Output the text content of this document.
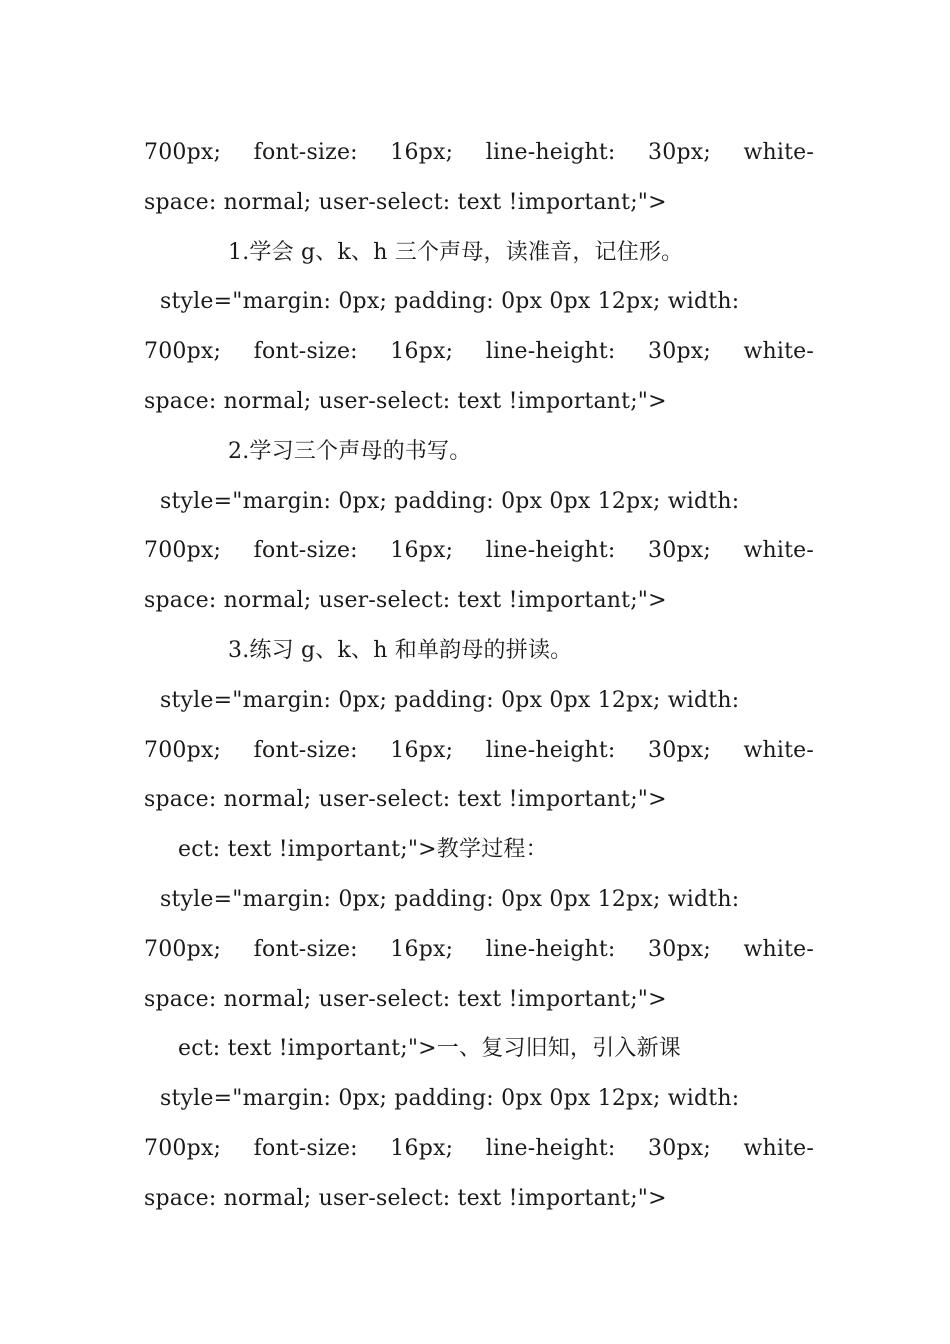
700px; font-size: 16px; line-height: 30px; white-
space: normal; user-select: text !important;">
1.学会 g、k、h 三个声母，读准音，记住形。
style="margin: 0px; padding: 0px 0px 12px; width:
700px; font-size: 16px; line-height: 30px; white-
space: normal; user-select: text !important;">
2.学习三个声母的书写。
style="margin: 0px; padding: 0px 0px 12px; width:
700px; font-size: 16px; line-height: 30px; white-
space: normal; user-select: text !important;">
3.练习 g、k、h 和单韵母的拼读。
style="margin: 0px; padding: 0px 0px 12px; width:
700px; font-size: 16px; line-height: 30px; white-
space: normal; user-select: text !important;">
ect: text !important;">教学过程：
style="margin: 0px; padding: 0px 0px 12px; width:
700px; font-size: 16px; line-height: 30px; white-
space: normal; user-select: text !important;">
ect: text !important;">一、复习旧知，引入新课
style="margin: 0px; padding: 0px 0px 12px; width:
700px; font-size: 16px; line-height: 30px; white-
space: normal; user-select: text !important;">
